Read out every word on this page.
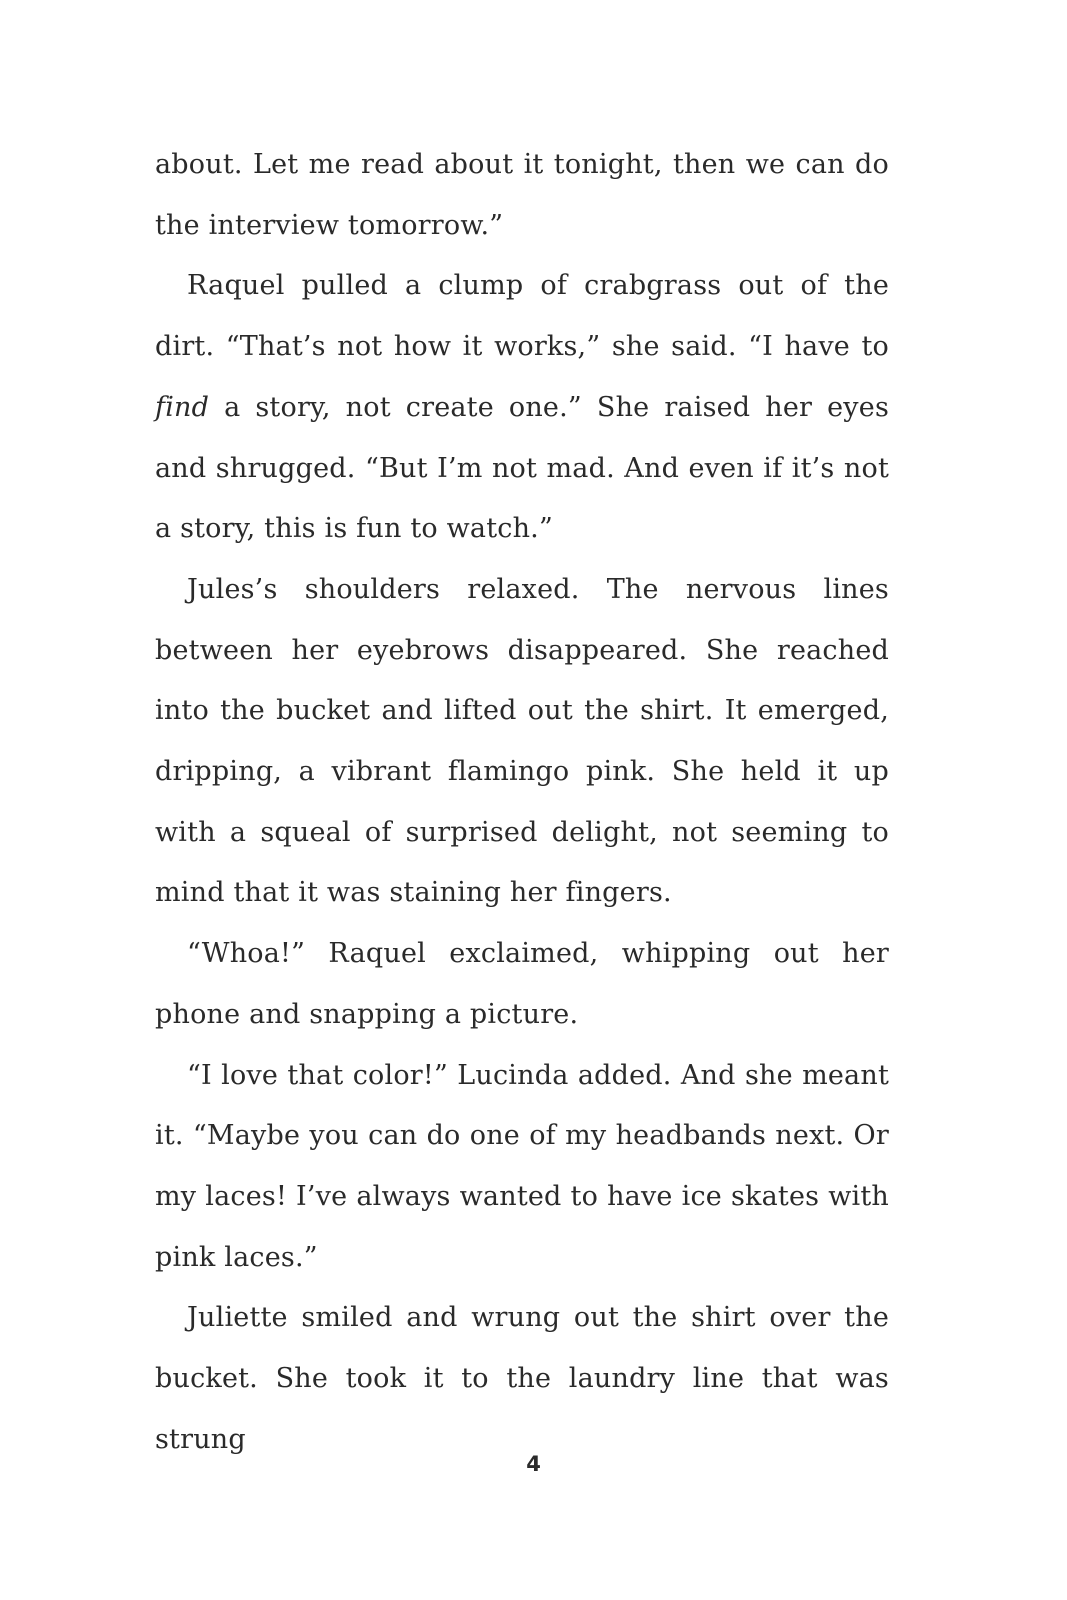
about. Let me read about it tonight, then we can do the interview tomorrow.”

Raquel pulled a clump of crabgrass out of the dirt. “That’s not how it works,” she said. “I have to find a story, not create one.” She raised her eyes and shrugged. “But I’m not mad. And even if it’s not a story, this is fun to watch.”

Jules’s shoulders relaxed. The nervous lines between her eyebrows disappeared. She reached into the bucket and lifted out the shirt. It emerged, dripping, a vibrant flamingo pink. She held it up with a squeal of surprised delight, not seeming to mind that it was staining her fingers.

“Whoa!” Raquel exclaimed, whipping out her phone and snapping a picture.

“I love that color!” Lucinda added. And she meant it. “Maybe you can do one of my headbands next. Or my laces! I’ve always wanted to have ice skates with pink laces.”

Juliette smiled and wrung out the shirt over the bucket. She took it to the laundry line that was strung

4
